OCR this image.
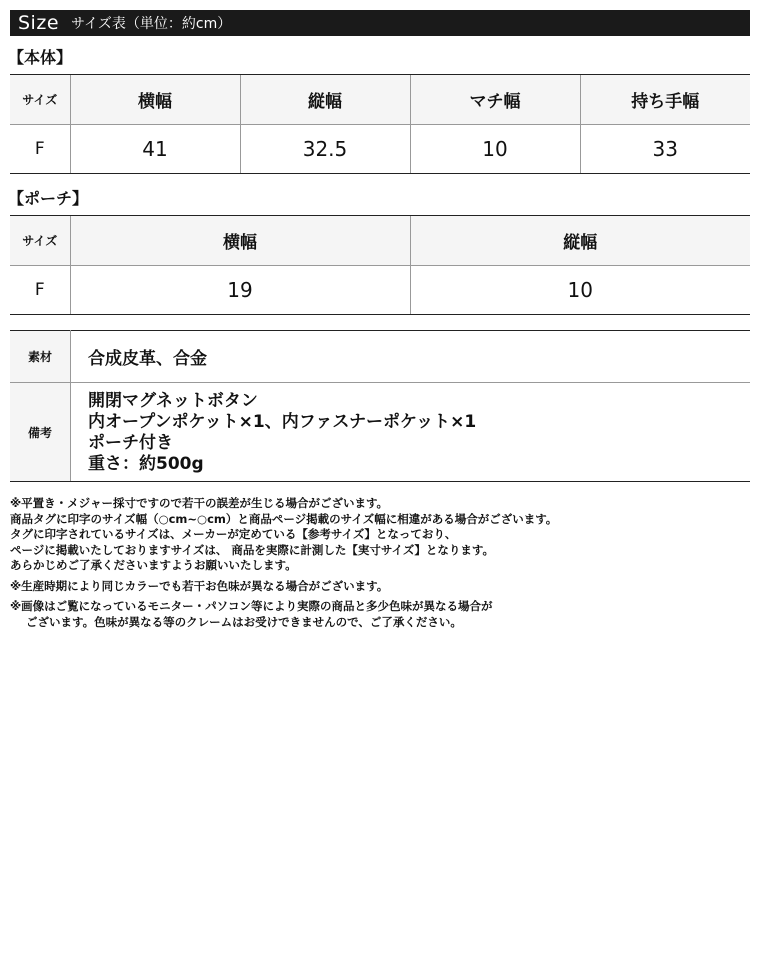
Size サイズ表（単位：約cm）
【本体】
サイズ	横幅	縦幅	マチ幅	持ち手幅
F	41	32.5	10	33
【ポーチ】
サイズ	横幅	縦幅
F	19	10
素材	合成皮革、合金
備考	開閉マグネットボタン
内オープンポケット×1、内ファスナーポケット×1
ポーチ付き
重さ：約500g
※平置き・メジャー採寸ですので若干の誤差が生じる場合がございます。
商品タグに印字のサイズ幅（○cm~○cm）と商品ページ掲載のサイズ幅に相違がある場合がございます。
タグに印字されているサイズは、メーカーが定めている【参考サイズ】となっており、
ページに掲載いたしておりますサイズは、 商品を実際に計測した【実寸サイズ】となります。
あらかじめご了承くださいますようお願いいたします。
※生産時期により同じカラーでも若干お色味が異なる場合がございます。
※画像はご覧になっているモニター・パソコン等により実際の商品と多少色味が異なる場合が
ございます。色味が異なる等のクレームはお受けできませんので、ご了承ください。
